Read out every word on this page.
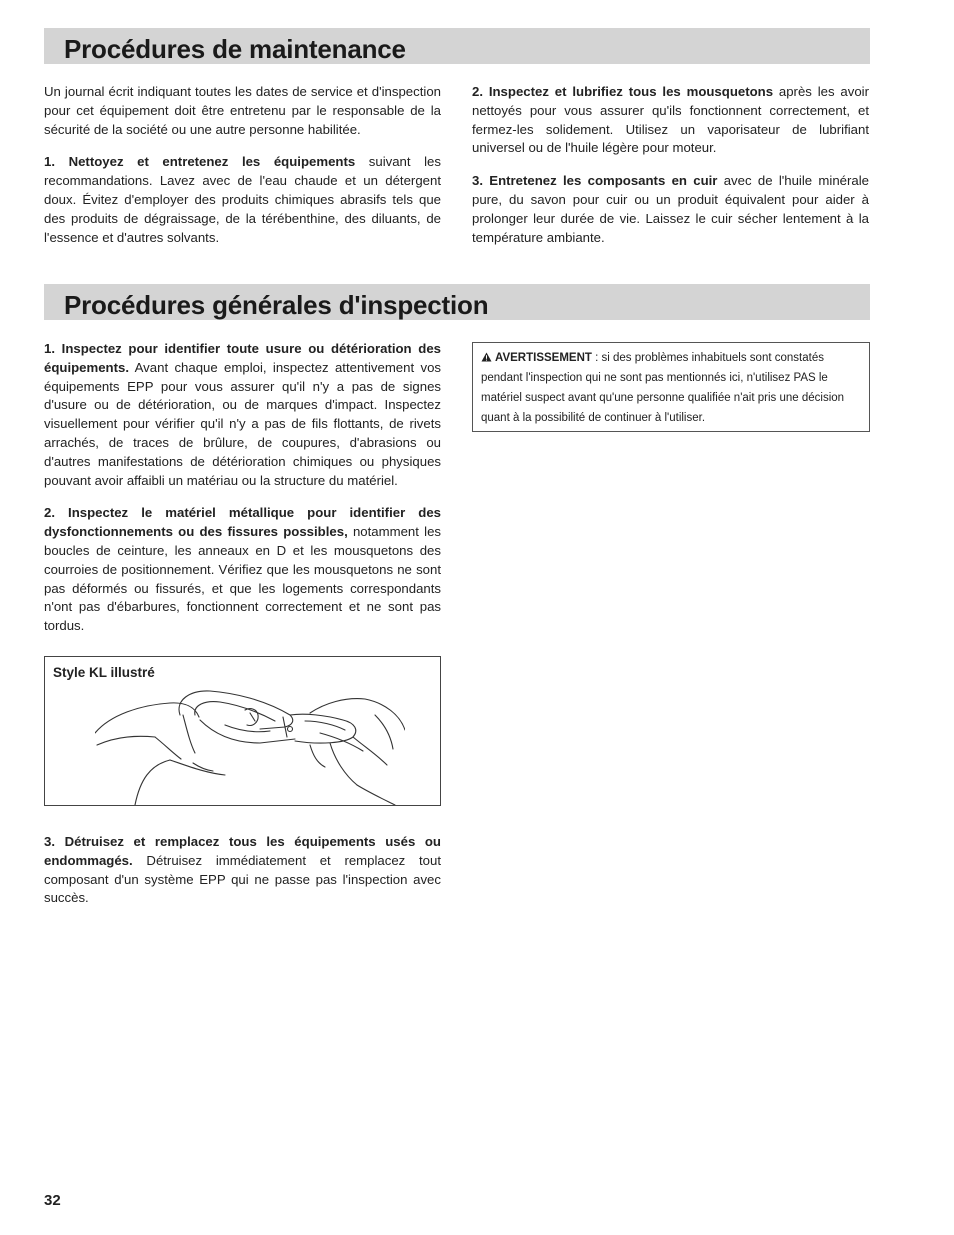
Procédures de maintenance

Un journal écrit indiquant toutes les dates de service et d'inspection pour cet équipement doit être entretenu par le responsable de la sécurité de la société ou une autre personne habilitée.

1. Nettoyez et entretenez les équipements suivant les recommandations. Lavez avec de l'eau chaude et un détergent doux. Évitez d'employer des produits chimiques abrasifs tels que des produits de dégraissage, de la térébenthine, des diluants, de l'essence et d'autres solvants.

2. Inspectez et lubrifiez tous les mousquetons après les avoir nettoyés pour vous assurer qu'ils fonctionnent correctement, et fermez-les solidement. Utilisez un vaporisateur de lubrifiant universel ou de l'huile légère pour moteur.

3. Entretenez les composants en cuir avec de l'huile minérale pure, du savon pour cuir ou un produit équivalent pour aider à prolonger leur durée de vie. Laissez le cuir sécher lentement à la température ambiante.

Procédures générales d'inspection

1. Inspectez pour identifier toute usure ou détérioration des équipements. Avant chaque emploi, inspectez attentivement vos équipements EPP pour vous assurer qu'il n'y a pas de signes d'usure ou de détérioration, ou de marques d'impact. Inspectez visuellement pour vérifier qu'il n'y a pas de fils flottants, de rivets arrachés, de traces de brûlure, de coupures, d'abrasions ou d'autres manifestations de détérioration chimiques ou physiques pouvant avoir affaibli un matériau ou la structure du matériel.

2. Inspectez le matériel métallique pour identifier des dysfonctionnements ou des fissures possibles, notamment les boucles de ceinture, les anneaux en D et les mousquetons des courroies de positionnement. Vérifiez que les mousquetons ne sont pas déformés ou fissurés, et que les logements correspondants n'ont pas d'ébarbures, fonctionnent correctement et ne sont pas tordus.

Style KL illustré

3. Détruisez et remplacez tous les équipements usés ou endommagés. Détruisez immédiatement et remplacez tout composant d'un système EPP qui ne passe pas l'inspection avec succès.

AVERTISSEMENT : si des problèmes inhabituels sont constatés pendant l'inspection qui ne sont pas mentionnés ici, n'utilisez PAS le matériel suspect avant qu'une personne qualifiée n'ait pris une décision quant à la possibilité de continuer à l'utiliser.
32
